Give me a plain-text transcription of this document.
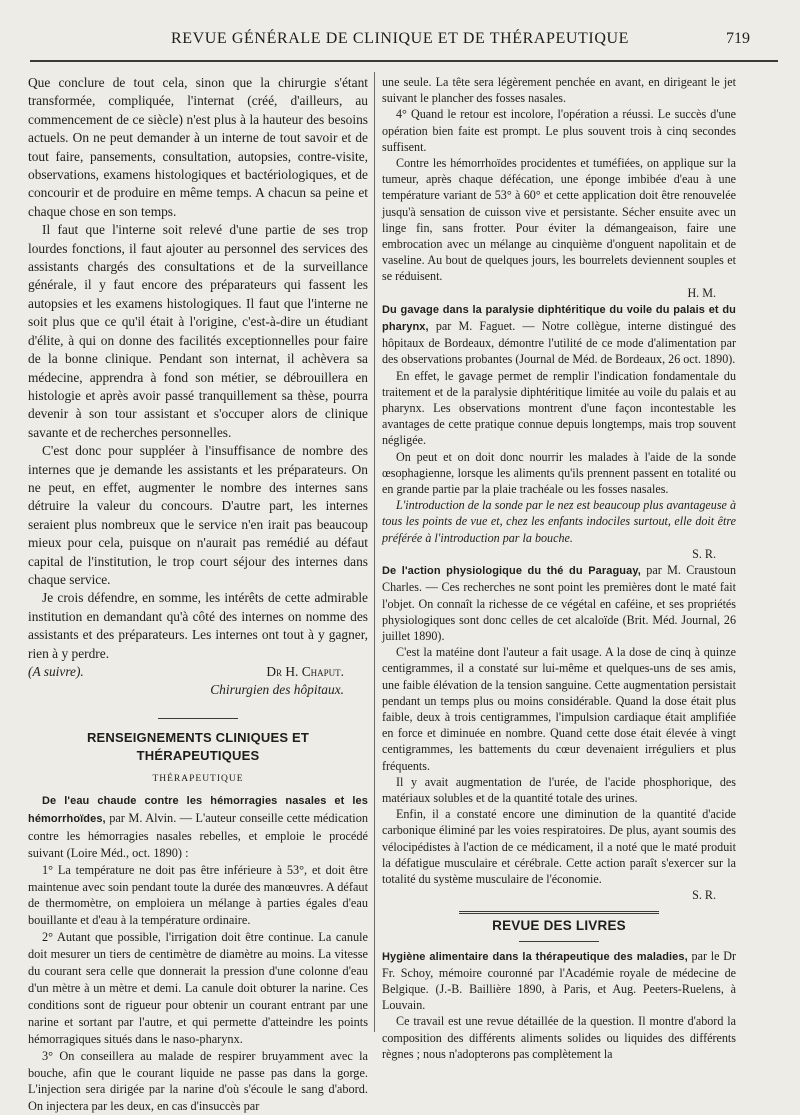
REVUE GÉNÉRALE DE CLINIQUE ET DE THÉRAPEUTIQUE	719

Que conclure de tout cela, sinon que la chirurgie s'étant transformée, compliquée, l'internat (créé, d'ailleurs, au commencement de ce siècle) n'est plus à la hauteur des besoins actuels. On ne peut demander à un interne de tout savoir et de tout faire, pansements, consultation, autopsies, contre-visite, observations, examens histologiques et bactériologiques, et de concourir et de produire en même temps. A chacun sa peine et chaque chose en son temps.

Il faut que l'interne soit relevé d'une partie de ses trop lourdes fonctions, il faut ajouter au personnel des services des assistants chargés des consultations et de la surveillance générale, il y faut encore des préparateurs qui fassent les autopsies et les examens histologiques. Il faut que l'interne ne soit plus que ce qu'il était à l'origine, c'est-à-dire un étudiant d'élite, à qui on donne des facilités exceptionnelles pour faire de la bonne clinique. Pendant son internat, il achèvera sa médecine, apprendra à fond son métier, se débrouillera en histologie et après avoir passé tranquillement sa thèse, pourra devenir à son tour assistant et s'occuper alors de clinique savante et de recherches personnelles.

C'est donc pour suppléer à l'insuffisance de nombre des internes que je demande les assistants et les préparateurs. On ne peut, en effet, augmenter le nombre des internes sans détruire la valeur du concours. D'autre part, les internes seraient plus nombreux que le service n'en irait pas beaucoup mieux pour cela, puisque on n'aurait pas remédié au défaut capital de l'institution, le trop court séjour des internes dans chaque service.

Je crois défendre, en somme, les intérêts de cette admirable institution en demandant qu'à côté des internes on nomme des assistants et des préparateurs. Les internes ont tout à y gagner, rien à y perdre.

(A suivre).	Dr H. Chaput.
Chirurgien des hôpitaux.
RENSEIGNEMENTS CLINIQUES ET THÉRAPEUTIQUES
THÉRAPEUTIQUE

De l'eau chaude contre les hémorragies nasales et les hémorrhoïdes, par M. Alvin. — L'auteur conseille cette médication contre les hémorragies nasales rebelles, et emploie le procédé suivant (Loire Méd., oct. 1890) :

1° La température ne doit pas être inférieure à 53°, et doit être maintenue avec soin pendant toute la durée des manœuvres. A défaut de thermomètre, on emploiera un mélange à parties égales d'eau bouillante et d'eau à la température ordinaire.

2° Autant que possible, l'irrigation doit être continue. La canule doit mesurer un tiers de centimètre de diamètre au moins. La vitesse du courant sera celle que donnerait la pression d'une colonne d'eau d'un mètre à un mètre et demi. La canule doit obturer la narine. Ces conditions sont de rigueur pour obtenir un courant entrant par une narine et sortant par l'autre, et qui permette d'atteindre les points hémorragiques situés dans le naso-pharynx.

3° On conseillera au malade de respirer bruyamment avec la bouche, afin que le courant liquide ne passe pas dans la gorge. L'injection sera dirigée par la narine d'où s'écoule le sang d'abord. On injectera par les deux, en cas d'insuccès par

une seule. La tête sera légèrement penchée en avant, en dirigeant le jet suivant le plancher des fosses nasales.

4° Quand le retour est incolore, l'opération a réussi. Le succès d'une opération bien faite est prompt. Le plus souvent trois à cinq secondes suffisent.

Contre les hémorrhoïdes procidentes et tuméfiées, on applique sur la tumeur, après chaque défécation, une éponge imbibée d'eau à une température variant de 53° à 60° et cette application doit être renouvelée jusqu'à sensation de cuisson vive et persistante. Sécher ensuite avec un linge fin, sans frotter. Pour éviter la démangeaison, faire une embrocation avec un mélange au cinquième d'onguent napolitain et de vaseline. Au bout de quelques jours, les bourrelets deviennent souples et se réduisent.

H. M.

Du gavage dans la paralysie diphtéritique du voile du palais et du pharynx, par M. Faguet. — Notre collègue, interne distingué des hôpitaux de Bordeaux, démontre l'utilité de ce mode d'alimentation par des observations probantes (Journal de Méd. de Bordeaux, 26 oct. 1890).

En effet, le gavage permet de remplir l'indication fondamentale du traitement et de la paralysie diphtéritique limitée au voile du palais et au pharynx. Les observations montrent d'une façon incontestable les avantages de cette pratique connue depuis longtemps, mais trop souvent négligée.

On peut et on doit donc nourrir les malades à l'aide de la sonde œsophagienne, lorsque les aliments qu'ils prennent passent en totalité ou en grande partie par la plaie trachéale ou les fosses nasales.

L'introduction de la sonde par le nez est beaucoup plus avantageuse à tous les points de vue et, chez les enfants indociles surtout, elle doit être préférée à l'introduction par la bouche.

S. R.

De l'action physiologique du thé du Paraguay, par M. Craustoun Charles. — Ces recherches ne sont point les premières dont le maté fait l'objet. On connaît la richesse de ce végétal en caféine, et ses propriétés physiologiques sont donc celles de cet alcaloïde (Brit. Méd. Journal, 26 juillet 1890).

C'est la matéine dont l'auteur a fait usage. A la dose de cinq à quinze centigrammes, il a constaté sur lui-même et quelques-uns de ses amis, une faible élévation de la tension sanguine. Cette augmentation persistait pendant un temps plus ou moins considérable. Quand la dose était plus faible, deux à trois centigrammes, l'impulsion cardiaque était amplifiée en force et diminuée en nombre. Quand cette dose était élevée à vingt centigrammes, les battements du cœur devenaient irréguliers et plus fréquents.

Il y avait augmentation de l'urée, de l'acide phosphorique, des matériaux solubles et de la quantité totale des urines.

Enfin, il a constaté encore une diminution de la quantité d'acide carbonique éliminé par les voies respiratoires. De plus, ayant soumis des vélocipédistes à l'action de ce médicament, il a noté que le maté produit la défatigue musculaire et cérébrale. Cette action paraît s'exercer sur la totalité du système musculaire de l'économie.

S. R.
REVUE DES LIVRES

Hygiène alimentaire dans la thérapeutique des maladies, par le Dr Fr. Schoy, mémoire couronné par l'Académie royale de médecine de Belgique. (J.-B. Baillière 1890, à Paris, et Aug. Peeters-Ruelens, à Louvain.

Ce travail est une revue détaillée de la question. Il montre d'abord la composition des différents aliments solides ou liquides des différents règnes ; nous n'adopterons pas complètement la
